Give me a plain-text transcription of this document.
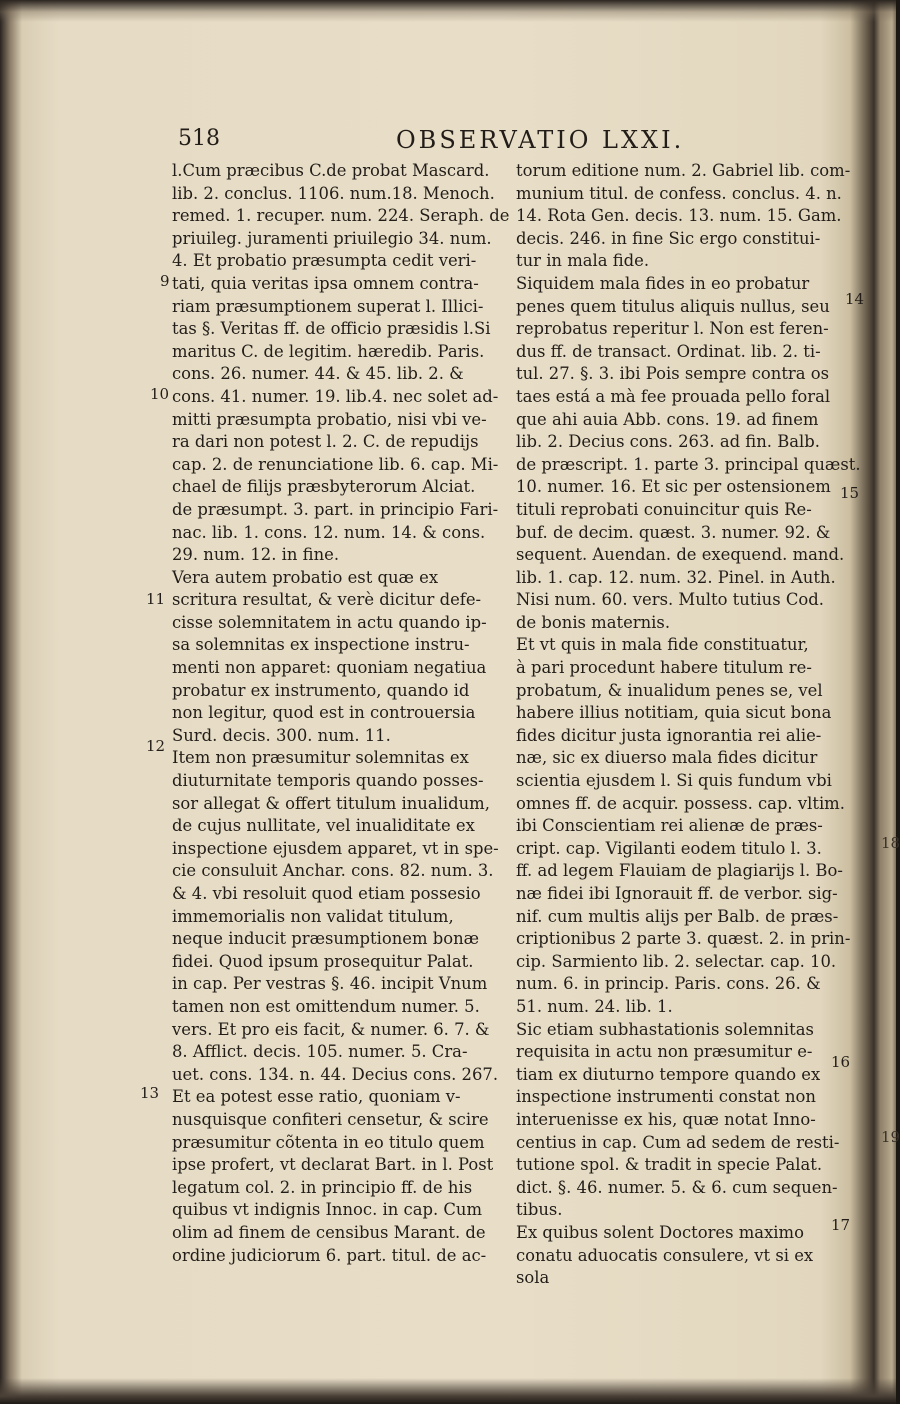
518	OBSERVATIO LXXI.
l.Cum præcibus C.de probat Mascard.
lib. 2. conclus. 1106. num.18. Menoch.
remed. 1. recuper. num. 224. Seraph. de
priuileg. juramenti priuilegio 34. num.
4. Et probatio præsumpta cedit veri-
tati, quia veritas ipsa omnem contra-
riam præsumptionem superat l. Illici-
tas §. Veritas ff. de officio præsidis l.Si
maritus C. de legitim. hæredib. Paris.
cons. 26. numer. 44. & 45. lib. 2. &
cons. 41. numer. 19. lib.4. nec solet ad-
mitti præsumpta probatio, nisi vbi ve-
ra dari non potest l. 2. C. de repudijs
cap. 2. de renunciatione lib. 6. cap. Mi-
chael de filijs præsbyterorum Alciat.
de præsumpt. 3. part. in principio Fari-
nac. lib. 1. cons. 12. num. 14. & cons.
29. num. 12. in fine.
Vera autem probatio est quæ ex
scritura resultat, & verè dicitur defe-
cisse solemnitatem in actu quando ip-
sa solemnitas ex inspectione instru-
menti non apparet: quoniam negatiua
probatur ex instrumento, quando id
non legitur, quod est in controuersia
Surd. decis. 300. num. 11.
Item non præsumitur solemnitas ex
diuturnitate temporis quando posses-
sor allegat & offert titulum inualidum,
de cujus nullitate, vel inualiditate ex
inspectione ejusdem apparet, vt in spe-
cie consuluit Anchar. cons. 82. num. 3.
& 4. vbi resoluit quod etiam possesio
immemorialis non validat titulum,
neque inducit præsumptionem bonæ
fidei. Quod ipsum prosequitur Palat.
in cap. Per vestras §. 46. incipit Vnum
tamen non est omittendum numer. 5.
vers. Et pro eis facit, & numer. 6. 7. &
8. Afflict. decis. 105. numer. 5. Cra-
uet. cons. 134. n. 44. Decius cons. 267.
Et ea potest esse ratio, quoniam v-
nusquisque confiteri censetur, & scire
præsumitur cõtenta in eo titulo quem
ipse profert, vt declarat Bart. in l. Post
legatum col. 2. in principio ff. de his
quibus vt indignis Innoc. in cap. Cum
olim ad finem de censibus Marant. de
ordine judiciorum 6. part. titul. de ac-
torum editione num. 2. Gabriel lib. com-
munium titul. de confess. conclus. 4. n.
14. Rota Gen. decis. 13. num. 15. Gam.
decis. 246. in fine Sic ergo constitui-
tur in mala fide.
Siquidem mala fides in eo probatur
penes quem titulus aliquis nullus, seu
reprobatus reperitur l. Non est feren-
dus ff. de transact. Ordinat. lib. 2. ti-
tul. 27. §. 3. ibi Pois sempre contra os
taes está a mà fee prouada pello foral
que ahi auia Abb. cons. 19. ad finem
lib. 2. Decius cons. 263. ad fin. Balb.
de præscript. 1. parte 3. principal quæst.
10. numer. 16. Et sic per ostensionem
tituli reprobati conuincitur quis Re-
buf. de decim. quæst. 3. numer. 92. &
sequent. Auendan. de exequend. mand.
lib. 1. cap. 12. num. 32. Pinel. in Auth.
Nisi num. 60. vers. Multo tutius Cod.
de bonis maternis.
Et vt quis in mala fide constituatur,
à pari procedunt habere titulum re-
probatum, & inualidum penes se, vel
habere illius notitiam, quia sicut bona
fides dicitur justa ignorantia rei alie-
næ, sic ex diuerso mala fides dicitur
scientia ejusdem l. Si quis fundum vbi
omnes ff. de acquir. possess. cap. vltim.
ibi Conscientiam rei alienæ de præs-
cript. cap. Vigilanti eodem titulo l. 3.
ff. ad legem Flauiam de plagiarijs l. Bo-
næ fidei ibi Ignorauit ff. de verbor. sig-
nif. cum multis alijs per Balb. de præs-
criptionibus 2 parte 3. quæst. 2. in prin-
cip. Sarmiento lib. 2. selectar. cap. 10.
num. 6. in princip. Paris. cons. 26. &
51. num. 24. lib. 1.
Sic etiam subhastationis solemnitas
requisita in actu non præsumitur e-
tiam ex diuturno tempore quando ex
inspectione instrumenti constat non
interuenisse ex his, quæ notat Inno-
centius in cap. Cum ad sedem de resti-
tutione spol. & tradit in specie Palat.
dict. §. 46. numer. 5. & 6. cum sequen-
tibus.
Ex quibus solent Doctores maximo
conatu aduocatis consulere, vt si ex
sola
9
10
11
12
13
14
15
16
17
18
19
